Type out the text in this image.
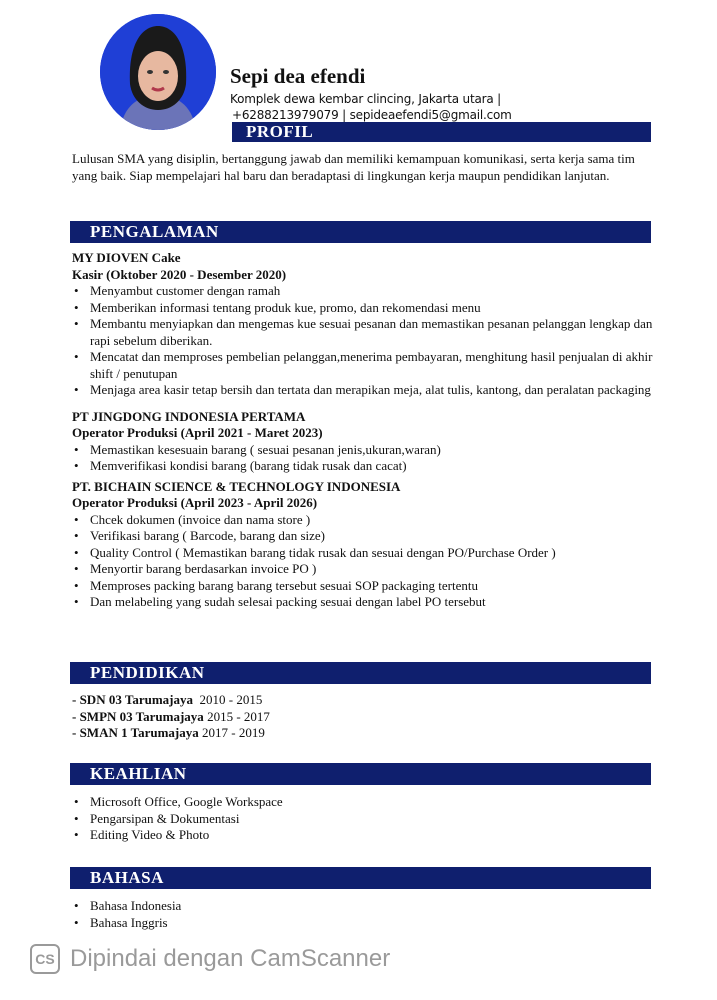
Sepi dea efendi
Komplek dewa kembar clincing, Jakarta utara |
+6288213979079 | sepideaefendi5@gmail.com
PROFIL

Lulusan SMA yang disiplin, bertanggung jawab dan memiliki kemampuan komunikasi, serta kerja sama tim yang baik. Siap mempelajari hal baru dan beradaptasi di lingkungan kerja maupun pendidikan lanjutan.

PENGALAMAN
MY DIOVEN Cake
Kasir (Oktober 2020 - Desember 2020)
• Menyambut customer dengan ramah
• Memberikan informasi tentang produk kue, promo, dan rekomendasi menu
• Membantu menyiapkan dan mengemas kue sesuai pesanan dan memastikan pesanan pelanggan lengkap dan rapi sebelum diberikan.
• Mencatat dan memproses pembelian pelanggan,menerima pembayaran, menghitung hasil penjualan di akhir shift / penutupan
• Menjaga area kasir tetap bersih dan tertata dan merapikan meja, alat tulis, kantong, dan peralatan packaging
PT JINGDONG INDONESIA PERTAMA
Operator Produksi (April 2021 - Maret 2023)
• Memastikan kesesuain barang ( sesuai pesanan jenis,ukuran,waran)
• Memverifikasi kondisi barang (barang tidak rusak dan cacat)
PT. BICHAIN SCIENCE & TECHNOLOGY INDONESIA
Operator Produksi (April 2023 - April 2026)
• Chcek dokumen (invoice dan nama store )
• Verifikasi barang ( Barcode, barang dan size)
• Quality Control ( Memastikan barang tidak rusak dan sesuai dengan PO/Purchase Order )
• Menyortir barang berdasarkan invoice PO )
• Memproses packing barang barang tersebut sesuai SOP packaging tertentu
• Dan melabeling yang sudah selesai packing sesuai dengan label PO tersebut
PENDIDIKAN
- SDN 03 Tarumajaya 2010 - 2015
- SMPN 03 Tarumajaya 2015 - 2017
- SMAN 1 Tarumajaya 2017 - 2019
KEAHLIAN
• Microsoft Office, Google Workspace
• Pengarsipan & Dokumentasi
• Editing Video & Photo
BAHASA
• Bahasa Indonesia
• Bahasa Inggris
CS Dipindai dengan CamScanner
